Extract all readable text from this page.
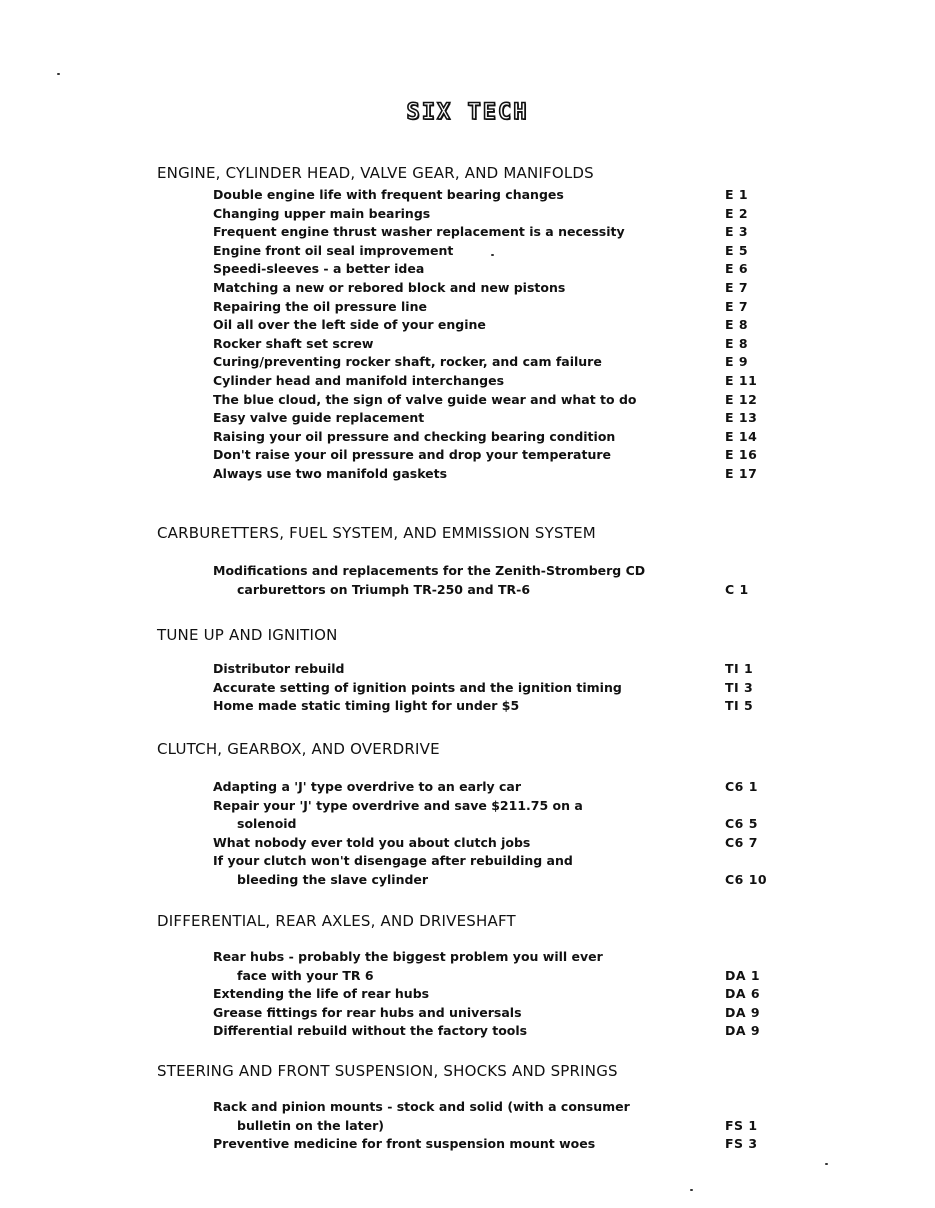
SIX TECH
ENGINE, CYLINDER HEAD, VALVE GEAR, AND MANIFOLDS
Double engine life with frequent bearing changes	E 1
Changing upper main bearings	E 2
Frequent engine thrust washer replacement is a necessity	E 3
Engine front oil seal improvement	E 5
Speedi-sleeves - a better idea	E 6
Matching a new or rebored block and new pistons	E 7
Repairing the oil pressure line	E 7
Oil all over the left side of your engine	E 8
Rocker shaft set screw	E 8
Curing/preventing rocker shaft, rocker, and cam failure	E 9
Cylinder head and manifold interchanges	E 11
The blue cloud, the sign of valve guide wear and what to do	E 12
Easy valve guide replacement	E 13
Raising your oil pressure and checking bearing condition	E 14
Don't raise your oil pressure and drop your temperature	E 16
Always use two manifold gaskets	E 17
CARBURETTERS, FUEL SYSTEM, AND EMMISSION SYSTEM
Modifications and replacements for the Zenith-Stromberg CD
carburettors on Triumph TR-250 and TR-6	C 1
TUNE UP AND IGNITION
Distributor rebuild	TI 1
Accurate setting of ignition points and the ignition timing	TI 3
Home made static timing light for under $5	TI 5
CLUTCH, GEARBOX, AND OVERDRIVE
Adapting a 'J' type overdrive to an early car	C6 1
Repair your 'J' type overdrive and save $211.75 on a
solenoid	C6 5
What nobody ever told you about clutch jobs	C6 7
If your clutch won't disengage after rebuilding and
bleeding the slave cylinder	C6 10
DIFFERENTIAL, REAR AXLES, AND DRIVESHAFT
Rear hubs - probably the biggest problem you will ever
face with your TR 6	DA 1
Extending the life of rear hubs	DA 6
Grease fittings for rear hubs and universals	DA 9
Differential rebuild without the factory tools	DA 9
STEERING AND FRONT SUSPENSION, SHOCKS AND SPRINGS
Rack and pinion mounts - stock and solid (with a consumer
bulletin on the later)	FS 1
Preventive medicine for front suspension mount woes	FS 3
